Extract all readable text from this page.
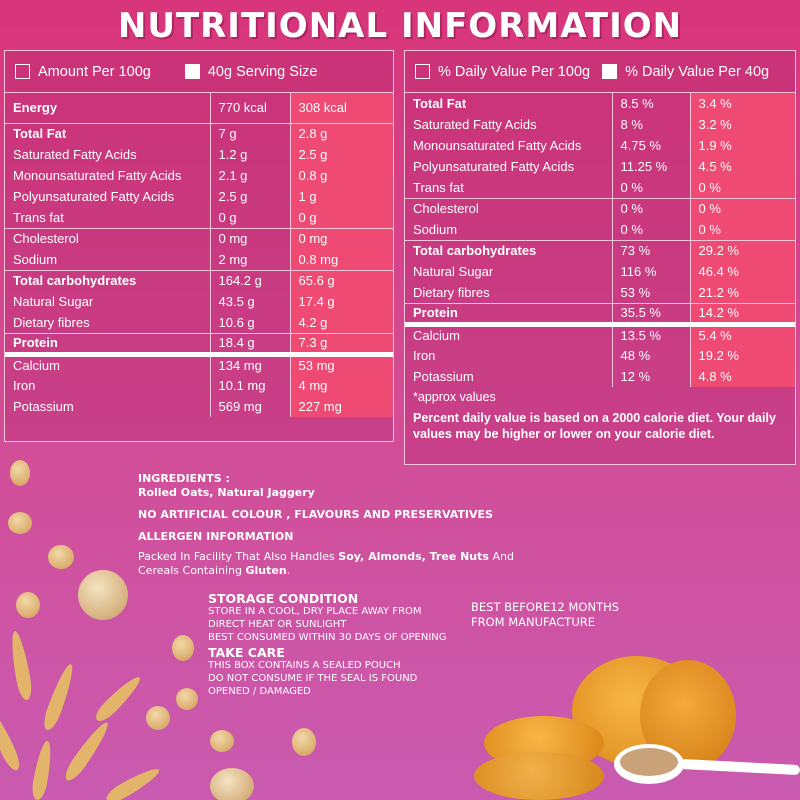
NUTRITIONAL INFORMATION
Amount Per 100g	40g Serving Size
Energy	770 kcal	308 kcal
Total Fat	7 g	2.8 g
Saturated Fatty Acids	1.2 g	2.5 g
Monounsaturated Fatty Acids	2.1 g	0.8 g
Polyunsaturated Fatty Acids	2.5 g	1 g
Trans fat	0 g	0 g
Cholesterol	0 mg	0 mg
Sodium	2 mg	0.8 mg
Total carbohydrates	164.2 g	65.6 g
Natural Sugar	43.5 g	17.4 g
Dietary fibres	10.6 g	4.2 g
Protein	18.4 g	7.3 g
Calcium	134 mg	53 mg
Iron	10.1 mg	4 mg
Potassium	569 mg	227 mg
% Daily Value Per 100g % Daily Value Per 40g
Total Fat	8.5 %	3.4 %
Saturated Fatty Acids	8 %	3.2 %
Monounsaturated Fatty Acids	4.75 %	1.9 %
Polyunsaturated Fatty Acids	11.25 %	4.5 %
Trans fat	0 %	0 %
Cholesterol	0 %	0 %
Sodium	0 %	0 %
Total carbohydrates	73 %	29.2 %
Natural Sugar	116 %	46.4 %
Dietary fibres	53 %	21.2 %
Protein	35.5 %	14.2 %
Calcium	13.5 %	5.4 %
Iron	48 %	19.2 %
Potassium	12 %	4.8 %
*approx values
Percent daily value is based on a 2000 calorie diet. Your daily values may be higher or lower on your calorie diet.
INGREDIENTS :
Rolled Oats, Natural Jaggery
NO ARTIFICIAL COLOUR , FLAVOURS AND PRESERVATIVES
ALLERGEN INFORMATION
Packed In Facility That Also Handles Soy, Almonds, Tree Nuts And
Cereals Containing Gluten.
STORAGE CONDITION
STORE IN A COOL, DRY PLACE AWAY FROM
DIRECT HEAT OR SUNLIGHT
BEST CONSUMED WITHIN 30 DAYS OF OPENING
TAKE CARE
THIS BOX CONTAINS A SEALED POUCH
DO NOT CONSUME IF THE SEAL IS FOUND
OPENED / DAMAGED
BEST BEFORE12 MONTHS
FROM MANUFACTURE
